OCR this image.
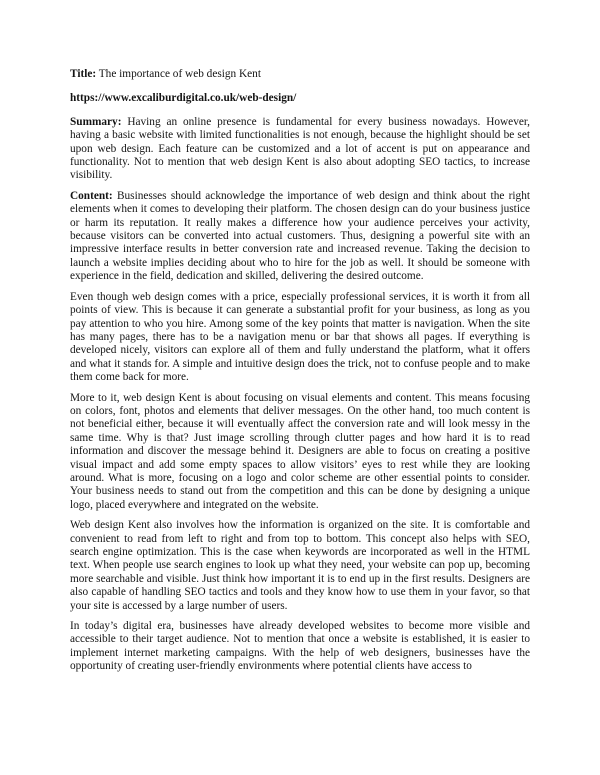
Title: The importance of web design Kent

https://www.excaliburdigital.co.uk/web-design/

Summary: Having an online presence is fundamental for every business nowadays. However, having a basic website with limited functionalities is not enough, because the highlight should be set upon web design. Each feature can be customized and a lot of accent is put on appearance and functionality. Not to mention that web design Kent is also about adopting SEO tactics, to increase visibility.

Content: Businesses should acknowledge the importance of web design and think about the right elements when it comes to developing their platform. The chosen design can do your business justice or harm its reputation. It really makes a difference how your audience perceives your activity, because visitors can be converted into actual customers. Thus, designing a powerful site with an impressive interface results in better conversion rate and increased revenue. Taking the decision to launch a website implies deciding about who to hire for the job as well. It should be someone with experience in the field, dedication and skilled, delivering the desired outcome.

Even though web design comes with a price, especially professional services, it is worth it from all points of view. This is because it can generate a substantial profit for your business, as long as you pay attention to who you hire. Among some of the key points that matter is navigation. When the site has many pages, there has to be a navigation menu or bar that shows all pages. If everything is developed nicely, visitors can explore all of them and fully understand the platform, what it offers and what it stands for. A simple and intuitive design does the trick, not to confuse people and to make them come back for more.

More to it, web design Kent is about focusing on visual elements and content. This means focusing on colors, font, photos and elements that deliver messages. On the other hand, too much content is not beneficial either, because it will eventually affect the conversion rate and will look messy in the same time. Why is that? Just image scrolling through clutter pages and how hard it is to read information and discover the message behind it. Designers are able to focus on creating a positive visual impact and add some empty spaces to allow visitors’ eyes to rest while they are looking around. What is more, focusing on a logo and color scheme are other essential points to consider. Your business needs to stand out from the competition and this can be done by designing a unique logo, placed everywhere and integrated on the website.

Web design Kent also involves how the information is organized on the site. It is comfortable and convenient to read from left to right and from top to bottom. This concept also helps with SEO, search engine optimization. This is the case when keywords are incorporated as well in the HTML text. When people use search engines to look up what they need, your website can pop up, becoming more searchable and visible. Just think how important it is to end up in the first results. Designers are also capable of handling SEO tactics and tools and they know how to use them in your favor, so that your site is accessed by a large number of users.

In today’s digital era, businesses have already developed websites to become more visible and accessible to their target audience. Not to mention that once a website is established, it is easier to implement internet marketing campaigns. With the help of web designers, businesses have the opportunity of creating user-friendly environments where potential clients have access to
